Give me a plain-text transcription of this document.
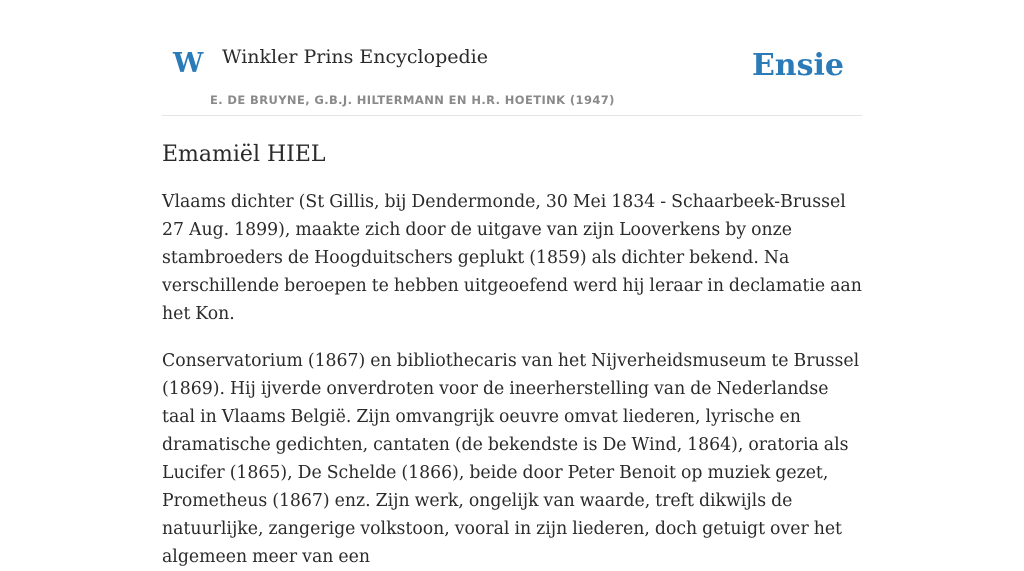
W Winkler Prins Encyclopedie
E. DE BRUYNE, G.B.J. HILTERMANN EN H.R. HOETINK (1947)
Ensie
Emamiël HIEL

Vlaams dichter (St Gillis, bij Dendermonde, 30 Mei 1834 - Schaarbeek-Brussel 27 Aug. 1899), maakte zich door de uitgave van zijn Looverkens by onze stambroeders de Hoogduitschers geplukt (1859) als dichter bekend. Na verschillende beroepen te hebben uitgeoefend werd hij leraar in declamatie aan het Kon.

Conservatorium (1867) en bibliothecaris van het Nijverheidsmuseum te Brussel (1869). Hij ijverde onverdroten voor de ineerherstelling van de Nederlandse taal in Vlaams België. Zijn omvangrijk oeuvre omvat liederen, lyrische en dramatische gedichten, cantaten (de bekendste is De Wind, 1864), oratoria als Lucifer (1865), De Schelde (1866), beide door Peter Benoit op muziek gezet, Prometheus (1867) enz. Zijn werk, ongelijk van waarde, treft dikwijls de natuurlijke, zangerige volkstoon, vooral in zijn liederen, doch getuigt over het algemeen meer van een
